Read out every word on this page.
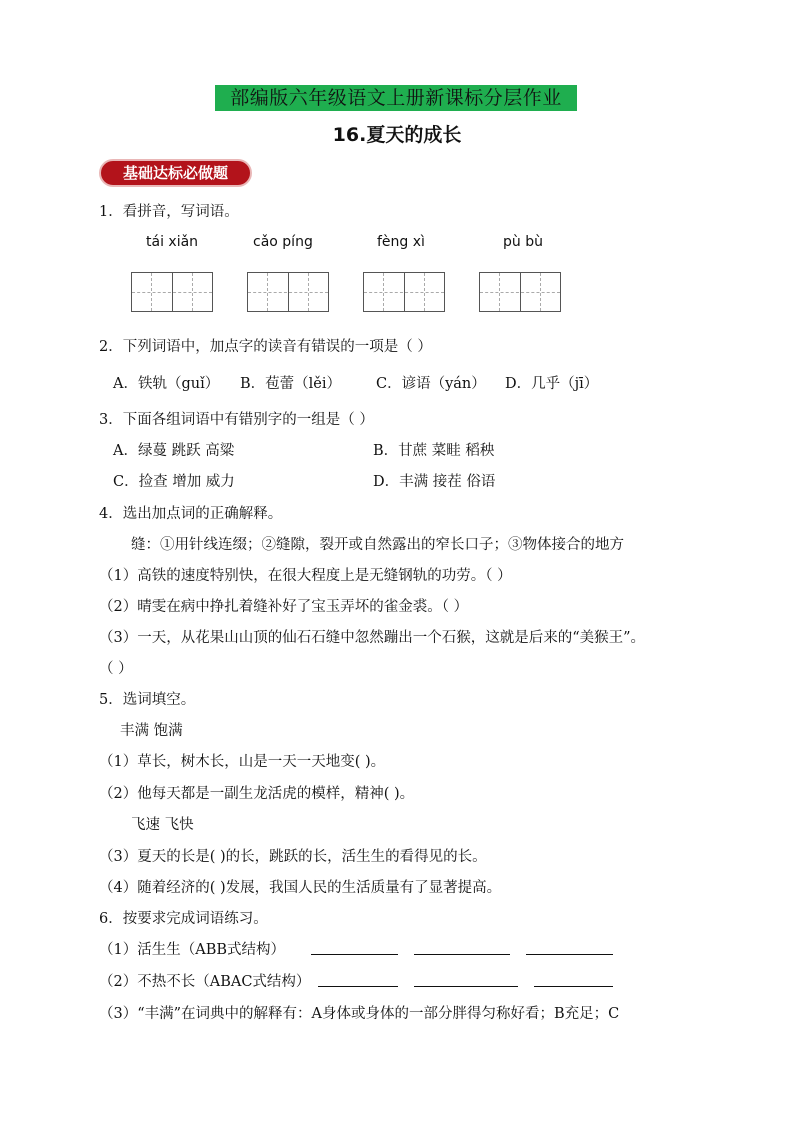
部编版六年级语文上册新课标分层作业
16.夏天的成长
基础达标必做题
1．看拼音，写词语。
tái xiǎn	cǎo píng	fèng xì	pù bù
2．下列词语中，加点字的读音有错误的一项是（ ）
A．铁轨（guǐ） B．苞蕾（lěi） C．谚语（yán） D．几乎（jī）
3．下面各组词语中有错别字的一组是（ ）
A．绿蔓 跳跃 高粱	B．甘蔗 菜畦 稻秧
C．捡查 增加 威力	D．丰满 接茬 俗语
4．选出加点词的正确解释。
缝：①用针线连缀；②缝隙，裂开或自然露出的窄长口子；③物体接合的地方
（1）高铁的速度特别快，在很大程度上是无缝钢轨的功劳。（ ）
（2）晴雯在病中挣扎着缝补好了宝玉弄坏的雀金裘。（ ）
（3）一天，从花果山山顶的仙石石缝中忽然蹦出一个石猴，这就是后来的“美猴王”。
（ ）
5．选词填空。
丰满 饱满
（1）草长，树木长，山是一天一天地变( )。
（2）他每天都是一副生龙活虎的模样，精神( )。
飞速 飞快
（3）夏天的长是( )的长，跳跃的长，活生生的看得见的长。
（4）随着经济的( )发展，我国人民的生活质量有了显著提高。
6．按要求完成词语练习。
（1）活生生（ABB式结构）
（2）不热不长（ABAC式结构）
（3）“丰满”在词典中的解释有：A身体或身体的一部分胖得匀称好看；B充足；C
